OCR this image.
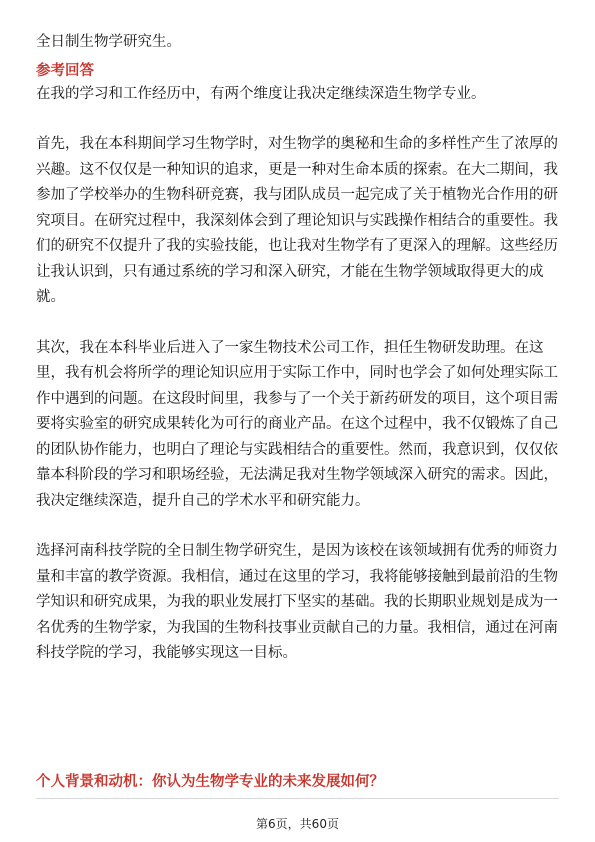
全日制生物学研究生。

参考回答

在我的学习和工作经历中，有两个维度让我决定继续深造生物学专业。

首先，我在本科期间学习生物学时，对生物学的奥秘和生命的多样性产生了浓厚的

兴趣。这不仅仅是一种知识的追求，更是一种对生命本质的探索。在大二期间，我

参加了学校举办的生物科研竞赛，我与团队成员一起完成了关于植物光合作用的研

究项目。在研究过程中，我深刻体会到了理论知识与实践操作相结合的重要性。我

们的研究不仅提升了我的实验技能，也让我对生物学有了更深入的理解。这些经历

让我认识到，只有通过系统的学习和深入研究，才能在生物学领域取得更大的成

就。

其次，我在本科毕业后进入了一家生物技术公司工作，担任生物研发助理。在这

里，我有机会将所学的理论知识应用于实际工作中，同时也学会了如何处理实际工

作中遇到的问题。在这段时间里，我参与了一个关于新药研发的项目，这个项目需

要将实验室的研究成果转化为可行的商业产品。在这个过程中，我不仅锻炼了自己

的团队协作能力，也明白了理论与实践相结合的重要性。然而，我意识到，仅仅依

靠本科阶段的学习和职场经验，无法满足我对生物学领域深入研究的需求。因此，

我决定继续深造，提升自己的学术水平和研究能力。

选择河南科技学院的全日制生物学研究生，是因为该校在该领域拥有优秀的师资力

量和丰富的教学资源。我相信，通过在这里的学习，我将能够接触到最前沿的生物

学知识和研究成果，为我的职业发展打下坚实的基础。我的长期职业规划是成为一

名优秀的生物学家，为我国的生物科技事业贡献自己的力量。我相信，通过在河南

科技学院的学习，我能够实现这一目标。

个人背景和动机：你认为生物学专业的未来发展如何？
第6页，共60页
